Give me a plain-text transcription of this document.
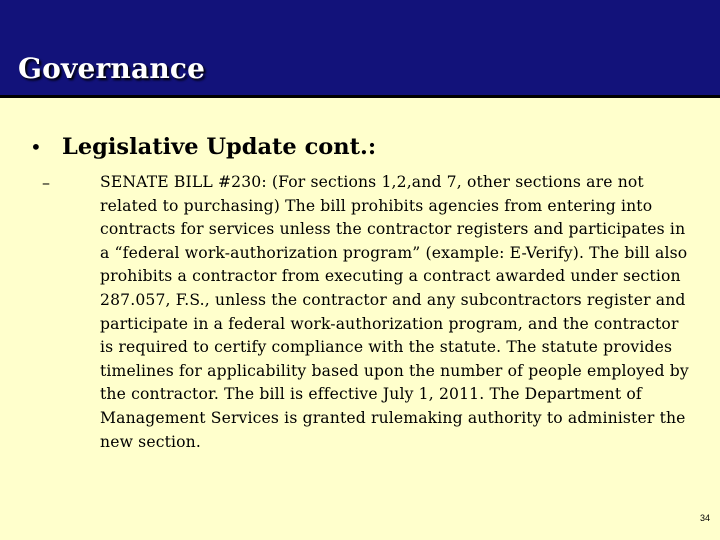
Governance
• Legislative Update cont.:
–	SENATE BILL #230: (For sections 1,2,and 7, other sections are not related to purchasing) The bill prohibits agencies from entering into contracts for services unless the contractor registers and participates in a “federal work-authorization program” (example: E-Verify). The bill also prohibits a contractor from executing a contract awarded under section 287.057, F.S., unless the contractor and any subcontractors register and participate in a federal work-authorization program, and the contractor is required to certify compliance with the statute. The statute provides timelines for applicability based upon the number of people employed by the contractor. The bill is effective July 1, 2011. The Department of Management Services is granted rulemaking authority to administer the new section.
34
